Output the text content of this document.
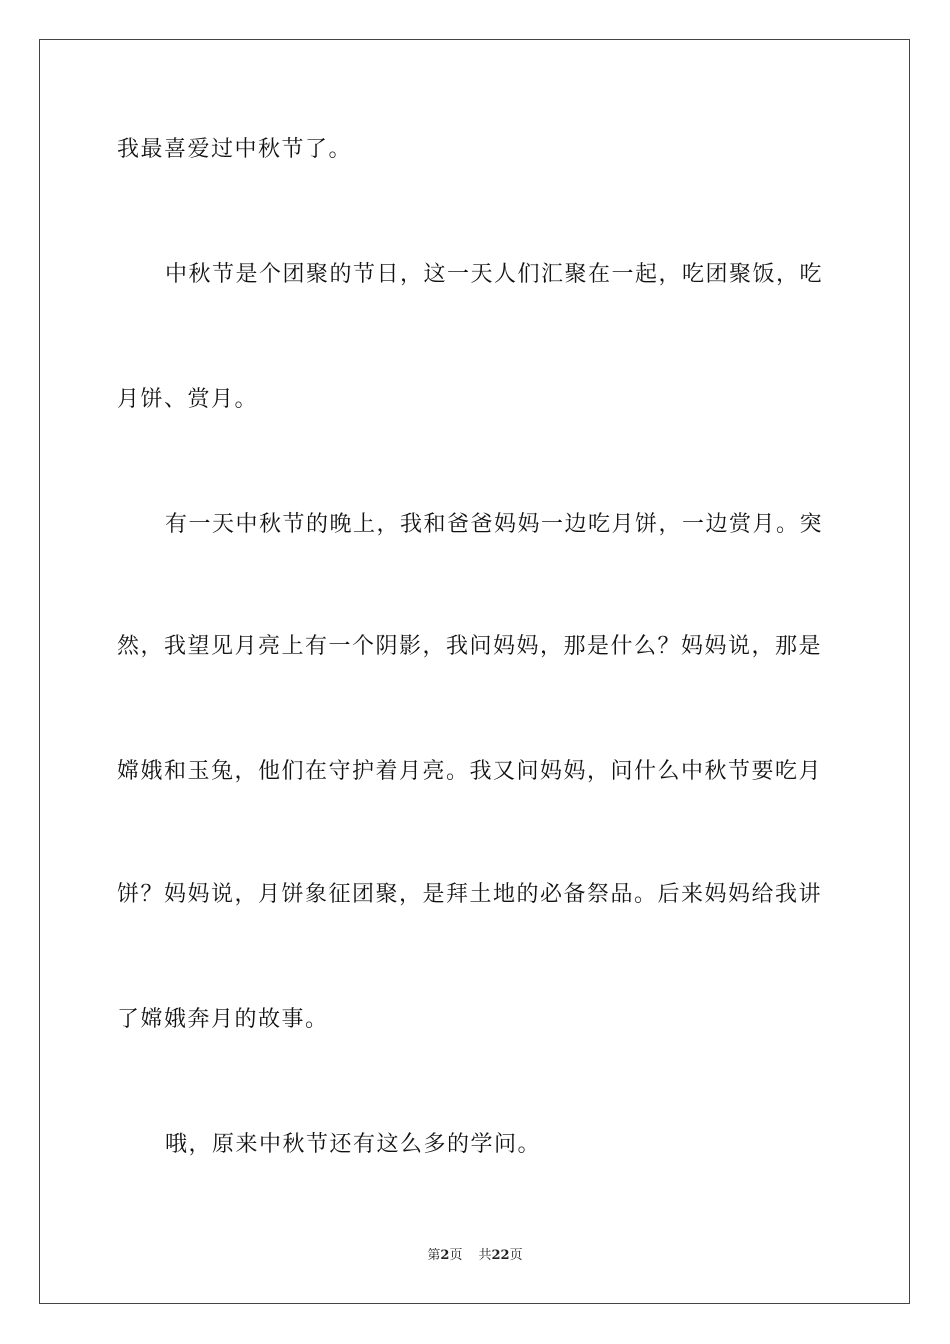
我最喜爱过中秋节了。
中秋节是个团聚的节日，这一天人们汇聚在一起，吃团聚饭，吃
月饼、赏月。
有一天中秋节的晚上，我和爸爸妈妈一边吃月饼，一边赏月。突
然，我望见月亮上有一个阴影，我问妈妈，那是什么？妈妈说，那是
嫦娥和玉兔，他们在守护着月亮。我又问妈妈，问什么中秋节要吃月
饼？妈妈说，月饼象征团聚，是拜土地的必备祭品。后来妈妈给我讲
了嫦娥奔月的故事。
哦，原来中秋节还有这么多的学问。
第2页 共22页
